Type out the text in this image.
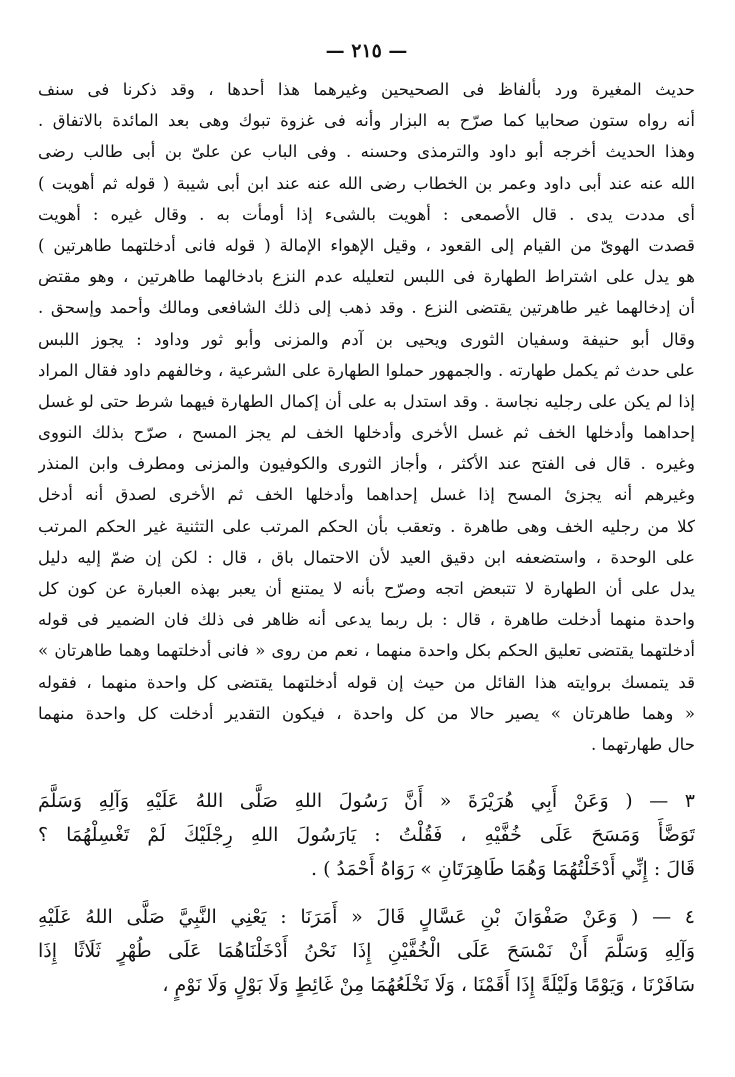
— ٢١٥ —
حديث المغيرة ورد بألفاظ فى الصحيحين وغيرهما هذا أحدها ، وقد ذكرنا فى سنف
أنه رواه ستون صحابيا كما صرّح به البزار وأنه فى غزوة تبوك وهى بعد المائدة بالاتفاق .
وهذا الحديث أخرجه أبو داود والترمذى وحسنه . وفى الباب عن علىّ بن أبى طالب رضى
الله عنه عند أبى داود وعمر بن الخطاب رضى الله عنه عند ابن أبى شيبة ( قوله ثم أهويت )
أى مددت يدى . قال الأصمعى : أهويت بالشىء إذا أومأت به . وقال غيره : أهويت
قصدت الهوىّ من القيام إلى القعود ، وقيل الإهواء الإمالة ( قوله فانى أدخلتهما طاهرتين )
هو يدل على اشتراط الطهارة فى اللبس لتعليله عدم النزع بادخالهما طاهرتين ، وهو مقتض
أن إدخالهما غير طاهرتين يقتضى النزع . وقد ذهب إلى ذلك الشافعى ومالك وأحمد وإسحق .
وقال أبو حنيفة وسفيان الثورى ويحيى بن آدم والمزنى وأبو ثور وداود : يجوز اللبس
على حدث ثم يكمل طهارته . والجمهور حملوا الطهارة على الشرعية ، وخالفهم داود فقال المراد
إذا لم يكن على رجليه نجاسة . وقد استدل به على أن إكمال الطهارة فيهما شرط حتى لو غسل
إحداهما وأدخلها الخف ثم غسل الأخرى وأدخلها الخف لم يجز المسح ، صرّح بذلك النووى
وغيره . قال فى الفتح عند الأكثر ، وأجاز الثورى والكوفيون والمزنى ومطرف وابن المنذر
وغيرهم أنه يجزئ المسح إذا غسل إحداهما وأدخلها الخف ثم الأخرى لصدق أنه أدخل
كلا من رجليه الخف وهى طاهرة . وتعقب بأن الحكم المرتب على التثنية غير الحكم المرتب
على الوحدة ، واستضعفه ابن دقيق العيد لأن الاحتمال باق ، قال : لكن إن ضمّ إليه دليل
يدل على أن الطهارة لا تتبعض اتجه وصرّح بأنه لا يمتنع أن يعبر بهذه العبارة عن كون كل
واحدة منهما أدخلت طاهرة ، قال : بل ربما يدعى أنه ظاهر فى ذلك فان الضمير فى قوله
أدخلتهما يقتضى تعليق الحكم بكل واحدة منهما ، نعم من روى « فانى أدخلتهما وهما طاهرتان »
قد يتمسك بروايته هذا القائل من حيث إن قوله أدخلتهما يقتضى كل واحدة منهما ، فقوله
« وهما طاهرتان » يصير حالا من كل واحدة ، فيكون التقدير أدخلت كل واحدة منهما
حال طهارتهما .
٣ — ( وَعَنْ أَبِي هُرَيْرَةَ « أَنَّ رَسُولَ اللهِ صَلَّى اللهُ عَلَيْهِ وَآلِهِ وَسَلَّمَ
تَوَضَّأَ وَمَسَحَ عَلَى خُفَّيْهِ ، فَقُلْتُ : يَارَسُولَ اللهِ رِجْلَيْكَ لَمْ تَغْسِلْهُمَا ؟
قَالَ : إِنِّي أَدْخَلْتُهُمَا وَهُمَا طَاهِرَتَانِ » رَوَاهُ أَحْمَدُ ) .
٤ — ( وَعَنْ صَفْوَانَ بْنِ عَسَّالٍ قَالَ « أَمَرَنَا : يَعْنِي النَّبِيَّ صَلَّى اللهُ عَلَيْهِ
وَآلِهِ وَسَلَّمَ أَنْ نَمْسَحَ عَلَى الْخُفَّيْنِ إِذَا نَحْنُ أَدْخَلْنَاهُمَا عَلَى طُهْرٍ ثَلَاثًا إِذَا
سَافَرْنَا ، وَيَوْمًا وَلَيْلَةً إِذَا أَقَمْنَا ، وَلَا نَخْلَعُهُمَا مِنْ غَائِطٍ وَلَا بَوْلٍ وَلَا نَوْمٍ ،
